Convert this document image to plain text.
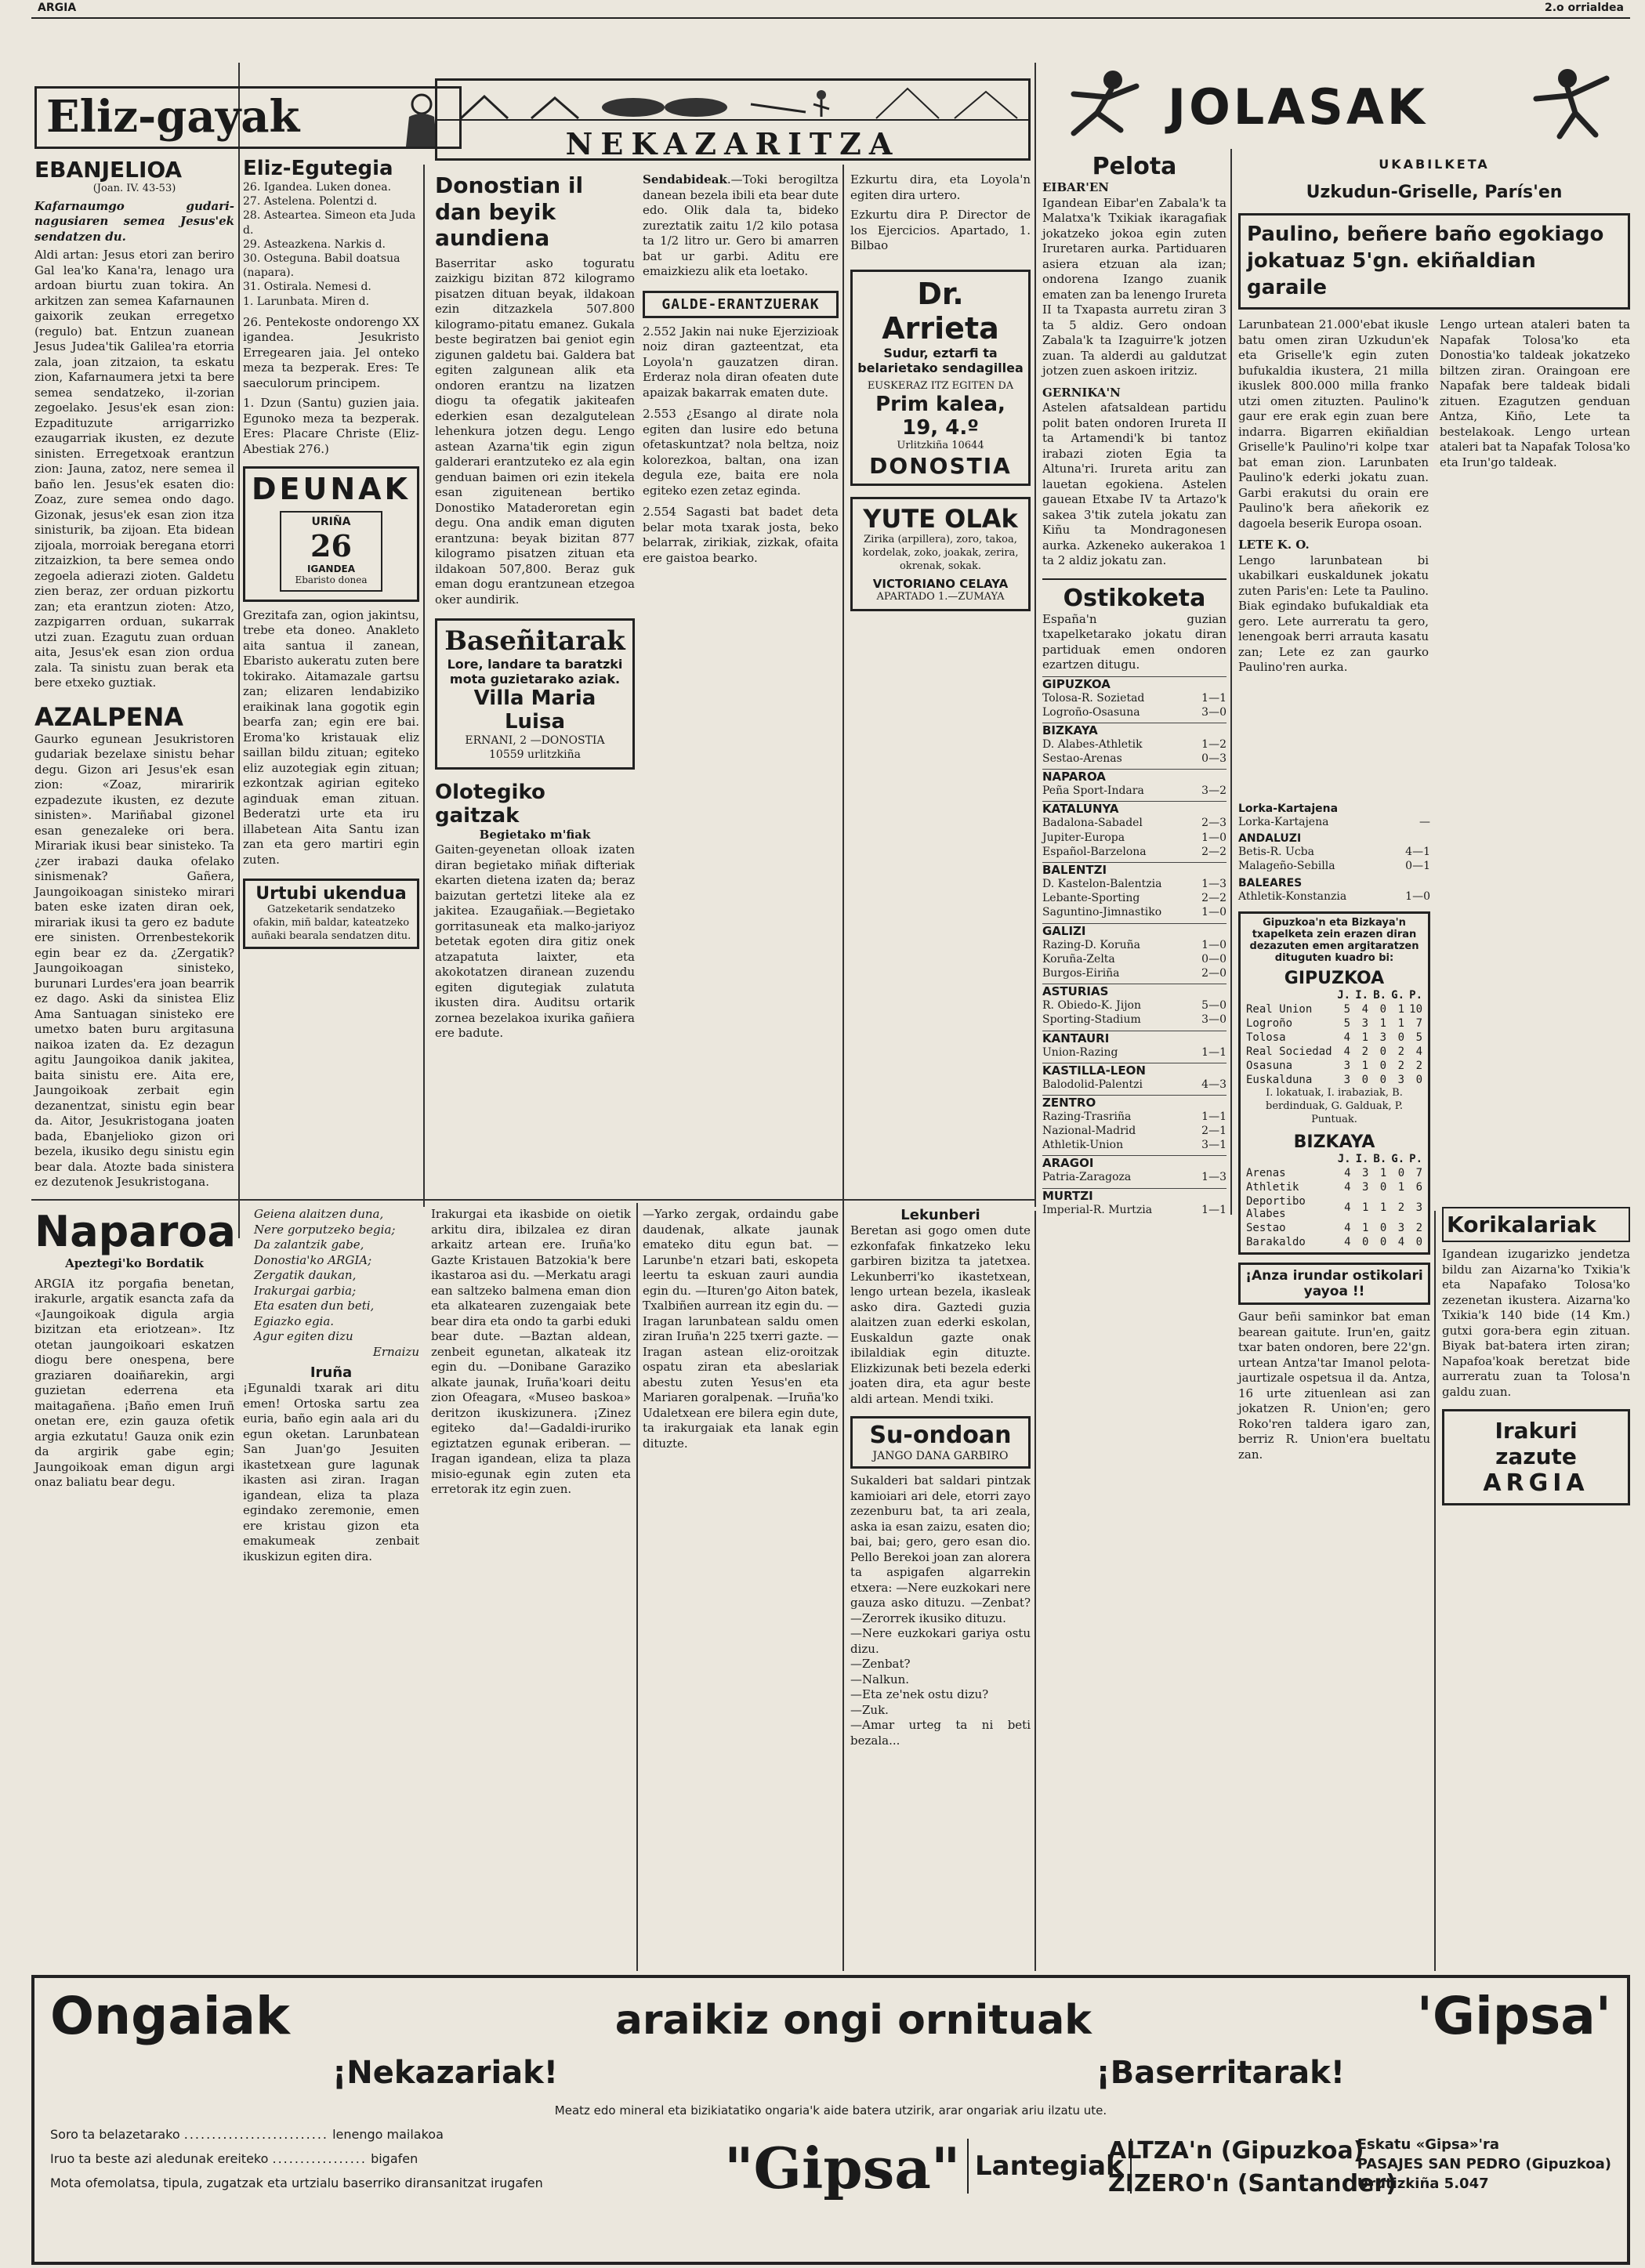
ARGIA	2.o orrialdea
Eliz-gayak
EBANJELIOA
(Joan. IV. 43-53)
Kafarnaumgo gudari-nagusiaren semea Jesus'ek sendatzen du.
Aldi artan: Jesus etori zan beriro Gal lea'ko Kana'ra, lenago ura ardoan biurtu zuan tokira. An arkitzen zan semea Kafarnaunen gaixorik zeukan erregetxo (regulo) bat. Entzun zuanean Jesus Judea'tik Galilea'ra etorria zala, joan zitzaion, ta eskatu zion, Kafarnaumera jetxi ta bere semea sendatzeko, il-zorian zegoelako. Jesus'ek esan zion: Ezpadituzute arrigarrizko ezaugarriak ikusten, ez dezute sinisten. Erregetxoak erantzun zion: Jauna, zatoz, nere semea il baño len. Jesus'ek esaten dio: Zoaz, zure semea ondo dago. Gizonak, jesus'ek esan zion itza sinisturik, ba zijoan. Eta bidean zijoala, morroiak beregana etorri zitzaizkion, ta bere semea ondo zegoela adierazi zioten. Galdetu zien beraz, zer orduan pizkortu zan; eta erantzun zioten: Atzo, zazpigarren orduan, sukarrak utzi zuan. Ezagutu zuan orduan aita, Jesus'ek esan zion ordua zala. Ta sinistu zuan berak eta bere etxeko guztiak.
AZALPENA
Gaurko egunean Jesukristoren gudariak bezelaxe sinistu behar degu. Gizon ari Jesus'ek esan zion: «Zoaz, miraririk ezpadezute ikusten, ez dezute sinisten». Mariñabal gizonel esan genezaleke ori bera. Mirariak ikusi bear sinisteko. Ta ¿zer irabazi dauka ofelako sinismenak? Gañera, Jaungoikoagan sinisteko mirari baten eske izaten diran oek, mirariak ikusi ta gero ez badute ere sinisten. Orrenbestekorik egin bear ez da. ¿Zergatik? Jaungoikoagan sinisteko, burunari Lurdes'era joan bearrik ez dago. Aski da sinistea Eliz Ama Santuagan sinisteko ere umetxo baten buru argitasuna naikoa izaten da. Ez dezagun agitu Jaungoikoa danik jakitea, baita sinistu ere. Aita ere, Jaungoikoak zerbait egin dezanentzat, sinistu egin bear da. Aitor, Jesukristogana joaten bada, Ebanjelioko gizon ori bezela, ikusiko degu sinistu egin bear dala. Atozte bada sinistera ez dezutenok Jesukristogana.
Eliz-Egutegia
26. Igandea. Luken donea.
27. Astelena. Polentzi d.
28. Asteartea. Simeon eta Juda d.
29. Asteazkena. Narkis d.
30. Osteguna. Babil doatsua (napara).
31. Ostirala. Nemesi d.
1. Larunbata. Miren d.
26. Pentekoste ondorengo XX igandea. Jesukristo Erregearen jaia. Jel onteko meza ta bezperak. Eres: Te saeculorum principem.
1. Dzun (Santu) guzien jaia. Egunoko meza ta bezperak. Eres: Placare Christe (Eliz-Abestiak 276.)
DEUNAK
URIÑA
26
IGANDEA
Ebaristo donea
Grezitafa zan, ogion jakintsu, trebe eta doneo. Anakleto aita santua il zanean, Ebaristo aukeratu zuten bere tokirako. Aitamazale gartsu zan; elizaren lendabiziko eraikinak lana gogotik egin bearfa zan; egin ere bai. Eroma'ko kristauak eliz saillan bildu zituan; egiteko eliz auzotegiak egin zituan; ezkontzak agirian egiteko aginduak eman zituan. Bederatzi urte eta iru illabetean Aita Santu izan zan eta gero martiri egin zuten.
Urtubi ukendua
Gatzeketarik sendatzeko ofakin, miñ baldar, kateatzeko auñaki bearala sendatzen ditu.
NEKAZARITZA
Donostian il dan beyik aundiena
Baserritar asko toguratu zaizkigu bizitan 872 kilogramo pisatzen dituan beyak, ildakoan ezin ditzazkela 507.800 kilogramo-pitatu emanez. Gukala beste begiratzen bai geniot egin zigunen galdetu bai. Galdera bat egiten zalgunean alik eta ondoren erantzu na lizatzen diogu ta ofegatik jakiteafen ederkien esan dezalgutelean lehenkura jotzen degu. Lengo astean Azarna'tik egin zigun galderari erantzuteko ez ala egin genduan baimen ori ezin itekela esan ziguitenean bertiko Donostiko Mataderoretan egin degu. Ona andik eman diguten erantzuna: beyak bizitan 877 kilogramo pisatzen zituan eta ildakoan 507,800. Beraz guk eman dogu erantzunean etzegoa oker aundirik.
Baseñitarak
Lore, landare ta baratzki mota guzietarako aziak.
Villa Maria Luisa
ERNANI, 2 —DONOSTIA
10559 urlitzkiña
Olotegiko gaitzak
Begietako m'fiak
Gaiten-geyenetan olloak izaten diran begietako miñak difteriak ekarten dietena izaten da; beraz baizutan gertetzi liteke ala ez jakitea. Ezaugañiak.—Begietako gorritasuneak eta malko-jariyoz betetak egoten dira gitiz onek atzapatuta laixter, eta akokotatzen diranean zuzendu egiten digutegiak zulatuta ikusten dira. Auditsu ortarik zornea bezelakoa ixurika gañiera ere badute.
Sendabideak.—Toki berogiltza danean bezela ibili eta bear dute edo. Olik dala ta, bideko zureztatik zaitu 1/2 kilo potasa ta 1/2 litro ur. Gero bi amarren bat ur garbi. Aditu ere emaizkiezu alik eta loetako.
GALDE-ERANTZUERAK
2.552 Jakin nai nuke Ejerzizioak noiz diran gazteentzat, eta Loyola'n gauzatzen diran. Erderaz nola diran ofeaten dute apaizak bakarrak ematen dute.
2.553 ¿Esango al dirate nola egiten dan lusire edo betuna ofetaskuntzat? nola beltza, noiz kolorezkoa, baltan, ona izan degula eze, baita ere nola egiteko ezen zetaz eginda.
2.554 Sagasti bat badet deta belar mota txarak josta, beko belarrak, zirikiak, zizkak, ofaita ere gaistoa bearko.
Ezkurtu dira, eta Loyola'n egiten dira urtero.
Ezkurtu dira P. Director de los Ejercicios. Apartado, 1. Bilbao
Dr. Arrieta
Sudur, eztarfi ta belarietako sendagillea
EUSKERAZ ITZ EGITEN DA
Prim kalea, 19, 4.º
Urlitzkiña 10644
DONOSTIA
YUTE OLAk
Zirika (arpillera), zoro, takoa, kordelak, zoko, joakak, zerira, okrenak, sokak.
VICTORIANO CELAYA
APARTADO 1.—ZUMAYA
JOLASAK
Pelota
EIBAR'EN
Igandean Eibar'en Zabala'k ta Malatxa'k Txikiak ikaragafiak jokatzeko jokoa egin zuten Iruretaren aurka. Partiduaren asiera etzuan ala izan; ondorena Izango zuanik ematen zan ba lenengo Irureta II ta Txapasta aurretu ziran 3 ta 5 aldiz. Gero ondoan Zabala'k ta Izaguirre'k jotzen zuan. Ta alderdi au galdutzat jotzen zuen askoen iritziz.
GERNIKA'N
Astelen afatsaldean partidu polit baten ondoren Irureta II ta Artamendi'k bi tantoz irabazi zioten Egia ta Altuna'ri. Irureta aritu zan lauetan egokiena. Astelen gauean Etxabe IV ta Artazo'k sakea 3'tik zutela jokatu zan Kiñu ta Mondragonesen aurka. Azkeneko aukerakoa 1 ta 2 aldiz jokatu zan.
Ostikoketa
España'n guzian txapelketarako jokatu diran partiduak emen ondoren ezartzen ditugu.
GIPUZKOA
Tolosa-R. Sozietad	1—1
Logroño-Osasuna	3—0
BIZKAYA
D. Alabes-Athletik	1—2
Sestao-Arenas	0—3
NAPAROA
Peña Sport-Indara	3—2
KATALUNYA
Badalona-Sabadel	2—3
Jupiter-Europa	1—0
Español-Barzelona	2—2
BALENTZI
D. Kastelon-Balentzia	1—3
Lebante-Sporting	2—2
Saguntino-Jimnastiko	1—0
GALIZI
Razing-D. Koruña	1—0
Koruña-Zelta	0—0
Burgos-Eiriña	2—0
ASTURIAS
R. Obiedo-K. Jijon	5—0
Sporting-Stadium	3—0
KANTAURI
Union-Razing	1—1
KASTILLA-LEON
Balodolid-Palentzi	4—3
ZENTRO
Razing-Trasriña	1—1
Nazional-Madrid	2—1
Athletik-Union	3—1
ARAGOI
Patria-Zaragoza	1—3
MURTZI
Imperial-R. Murtzia	1—1
UKABILKETA
Uzkudun-Griselle, París'en
Paulino, beñere baño egokiago jokatuaz 5'gn. ekiñaldian garaile
Larunbatean 21.000'ebat ikusle batu omen ziran Uzkudun'ek eta Griselle'k egin zuten bufukaldia ikustera, 21 milla ikuslek 800.000 milla franko utzi omen zituzten. Paulino'k gaur ere erak egin zuan bere indarra. Bigarren ekiñaldian Griselle'k Paulino'ri kolpe txar bat eman zion. Larunbaten Paulino'k ederki jokatu zuan. Garbi erakutsi du orain ere Paulino'k bera añekorik ez dagoela beserik Europa osoan.
LETE K. O.
Lengo larunbatean bi ukabilkari euskaldunek jokatu zuten Paris'en: Lete ta Paulino. Biak egindako bufukaldiak eta gero. Lete aurreratu ta gero, lenengoak berri arrauta kasatu zan; Lete ez zan gaurko Paulino'ren aurka.
Lengo urtean ataleri baten ta Napafak Tolosa'ko eta Donostia'ko taldeak jokatzeko biltzen ziran. Oraingoan ere Napafak bere taldeak bidali zituen. Ezagutzen genduan Antza, Kiño, Lete ta bestelakoak. Lengo urtean ataleri bat ta Napafak Tolosa'ko eta Irun'go taldeak.
Lorka-Kartajena
Lorka-Kartajena	—
ANDALUZI
Betis-R. Ucba	4—1
Malageño-Sebilla	0—1
BALEARES
Athletik-Konstanzia	1—0
Gipuzkoa'n eta Bizkaya'n txapelketa zein erazen diran dezazuten emen argitaratzen dituguten kuadro bi:
GIPUZKOA
	J.	I.	B.	G.	P.
Real Union	5	4	0	1	10
Logroño	5	3	1	1	7
Tolosa	4	1	3	0	5
Real Sociedad	4	2	0	2	4
Osasuna	3	1	0	2	2
Euskalduna	3	0	0	3	0
I. lokatuak, I. irabaziak, B. berdinduak, G. Galduak, P. Puntuak.
BIZKAYA
	J.	I.	B.	G.	P.
Arenas	4	3	1	0	7
Athletik	4	3	0	1	6
Deportibo Alabes	4	1	1	2	3
Sestao	4	1	0	3	2
Barakaldo	4	0	0	4	0
¡Anza irundar ostikolari yayoa !!
Gaur beñi saminkor bat eman bearean gaitute. Irun'en, gaitz txar baten ondoren, bere 22'gn. urtean Antza'tar Imanol pelota-jaurtizale ospetsua il da. Antza, 16 urte zituenlean asi zan jokatzen R. Union'en; gero Roko'ren taldera igaro zan, berriz R. Union'era bueltatu zan.
Korikalariak
Igandean izugarizko jendetza bildu zan Aizarna'ko Txikia'k eta Napafako Tolosa'ko zezenetan ikustera. Aizarna'ko Txikia'k 140 bide (14 Km.) gutxi gora-bera egin zituan. Biyak bat-batera irten ziran; Napafoa'koak beretzat bide aurreratu zuan ta Tolosa'n galdu zuan.
Irakuri zazute
ARGIA
Naparoa
Apeztegi'ko Bordatik
ARGIA itz porgafia benetan, irakurle, argatik esancta zafa da «Jaungoikoak digula argia bizitzan eta eriotzean». Itz otetan jaungoikoari eskatzen diogu bere onespena, bere graziaren doaiñarekin, argi guzietan ederrena eta maitagañena. ¡Baño emen Iruñ onetan ere, ezin gauza ofetik argia ezkutatu! Gauza onik ezin da argirik gabe egin; Jaungoikoak eman digun argi onaz baliatu bear degu.
Geiena alaitzen duna,
Nere gorputzeko begia;
Da zalantzik gabe,
Donostia'ko ARGIA;
Zergatik daukan,
Irakurgai garbia;
Eta esaten dun beti,
Egiazko egia.
Agur egiten dizu
Ernaizu
Iruña
¡Egunaldi txarak ari ditu emen! Ortoska sartu zea euria, baño egin aala ari du egun oketan. Larunbatean San Juan'go Jesuiten ikastetxean gure lagunak ikasten asi ziran. Iragan igandean, eliza ta plaza egindako zeremonie, emen ere kristau gizon eta emakumeak zenbait ikuskizun egiten dira.
Irakurgai eta ikasbide on oietik arkitu dira, ibilzalea ez diran arkaitz artean ere. Iruña'ko Gazte Kristauen Batzokia'k bere ikastaroa asi du. —Merkatu aragi ean saltzeko balmena eman dion eta alkatearen zuzengaiak bete bear dira eta ondo ta garbi eduki bear dute. —Baztan aldean, zenbeit egunetan, alkateak itz egin du. —Donibane Garaziko alkate jaunak, Iruña'koari deitu zion Ofeagara, «Museo baskoa» deritzon ikuskizunera. ¡Zinez egiteko da!—Gadaldi-iruriko egiztatzen egunak eriberan. —Iragan igandean, eliza ta plaza misio-egunak egin zuten eta erretorak itz egin zuen.
—Yarko zergak, ordaindu gabe daudenak, alkate jaunak emateko ditu egun bat. —Larunbe'n etzari bati, eskopeta leertu ta eskuan zauri aundia egin du. —Ituren'go Aiton batek, Txalbiñen aurrean itz egin du. —Iragan larunbatean saldu omen ziran Iruña'n 225 txerri gazte. —Iragan astean eliz-oroitzak ospatu ziran eta abeslariak abestu zuten Yesus'en eta Mariaren goralpenak. —Iruña'ko Udaletxean ere bilera egin dute, ta irakurgaiak eta lanak egin dituzte.
Lekunberi
Beretan asi gogo omen dute ezkonfafak finkatzeko leku garbiren bizitza ta jatetxea. Lekunberri'ko ikastetxean, lengo urtean bezela, ikasleak asko dira. Gaztedi guzia alaitzen zuan ederki eskolan, Euskaldun gazte onak ibilaldiak egin dituzte. Elizkizunak beti bezela ederki joaten dira, eta agur beste aldi artean. Mendi txiki.
Su-ondoan
JANGO DANA GARBIRO
Sukalderi bat saldari pintzak kamioiari ari dele, etorri zayo zezenburu bat, ta ari zeala, aska ia esan zaizu, esaten dio; bai, bai; gero, gero esan dio. Pello Berekoi joan zan alorera ta aspigafen algarrekin etxera: —Nere euzkokari nere gauza asko dituzu. —Zenbat? —Zerorrek ikusiko dituzu.
—Nere euzkokari gariya ostu dizu.
—Zenbat?
—Nalkun.
—Eta ze'nek ostu dizu?
—Zuk.
—Amar urteg ta ni beti bezala...
Ongaiak	araikiz ongi ornituak	'Gipsa'
¡Nekazariak!	¡Baserritarak!
Meatz edo mineral eta bizikiatatiko ongaria'k aide batera utzirik, arar ongariak ariu ilzatu ute.
Soro ta belazetarako .......................... lenengo mailakoa
Iruo ta beste azi aledunak ereiteko ................. bigafen
Mota ofemolatsa, tipula, zugatzak eta urtzialu baserriko diransanitzat irugafen	"Gipsa" Lantegiak
ALTZA'n (Gipuzkoa)
ZIZERO'n (Santander)
Eskatu «Gipsa»'ra
PASAJES SAN PEDRO (Gipuzkoa)
Urutizkiña 5.047
